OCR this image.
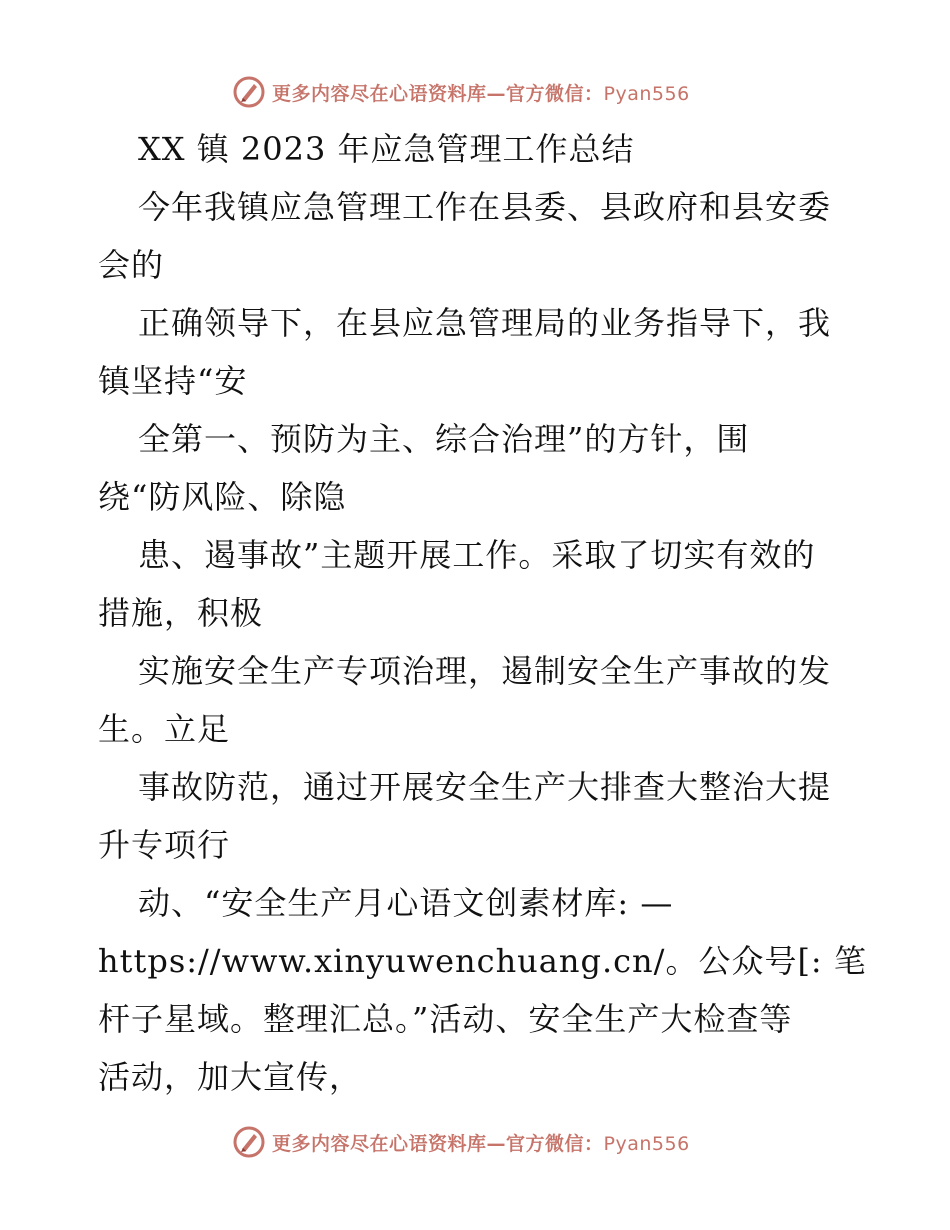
更多内容尽在心语资料库—官方微信：Pyan556
XX 镇 2023 年应急管理工作总结
今年我镇应急管理工作在县委、县政府和县安委
会的
正确领导下，在县应急管理局的业务指导下，我
镇坚持“安
全第一、预防为主、综合治理”的方针，围
绕“防风险、除隐
患、遏事故”主题开展工作。采取了切实有效的
措施，积极
实施安全生产专项治理，遏制安全生产事故的发
生。立足
事故防范，通过开展安全生产大排查大整治大提
升专项行
动、“安全生产月心语文创素材库: —
https://www.xinyuwenchuang.cn/。公众号[: 笔
杆子星域。整理汇总。”活动、安全生产大检查等
活动，加大宣传，
更多内容尽在心语资料库—官方微信：Pyan556
